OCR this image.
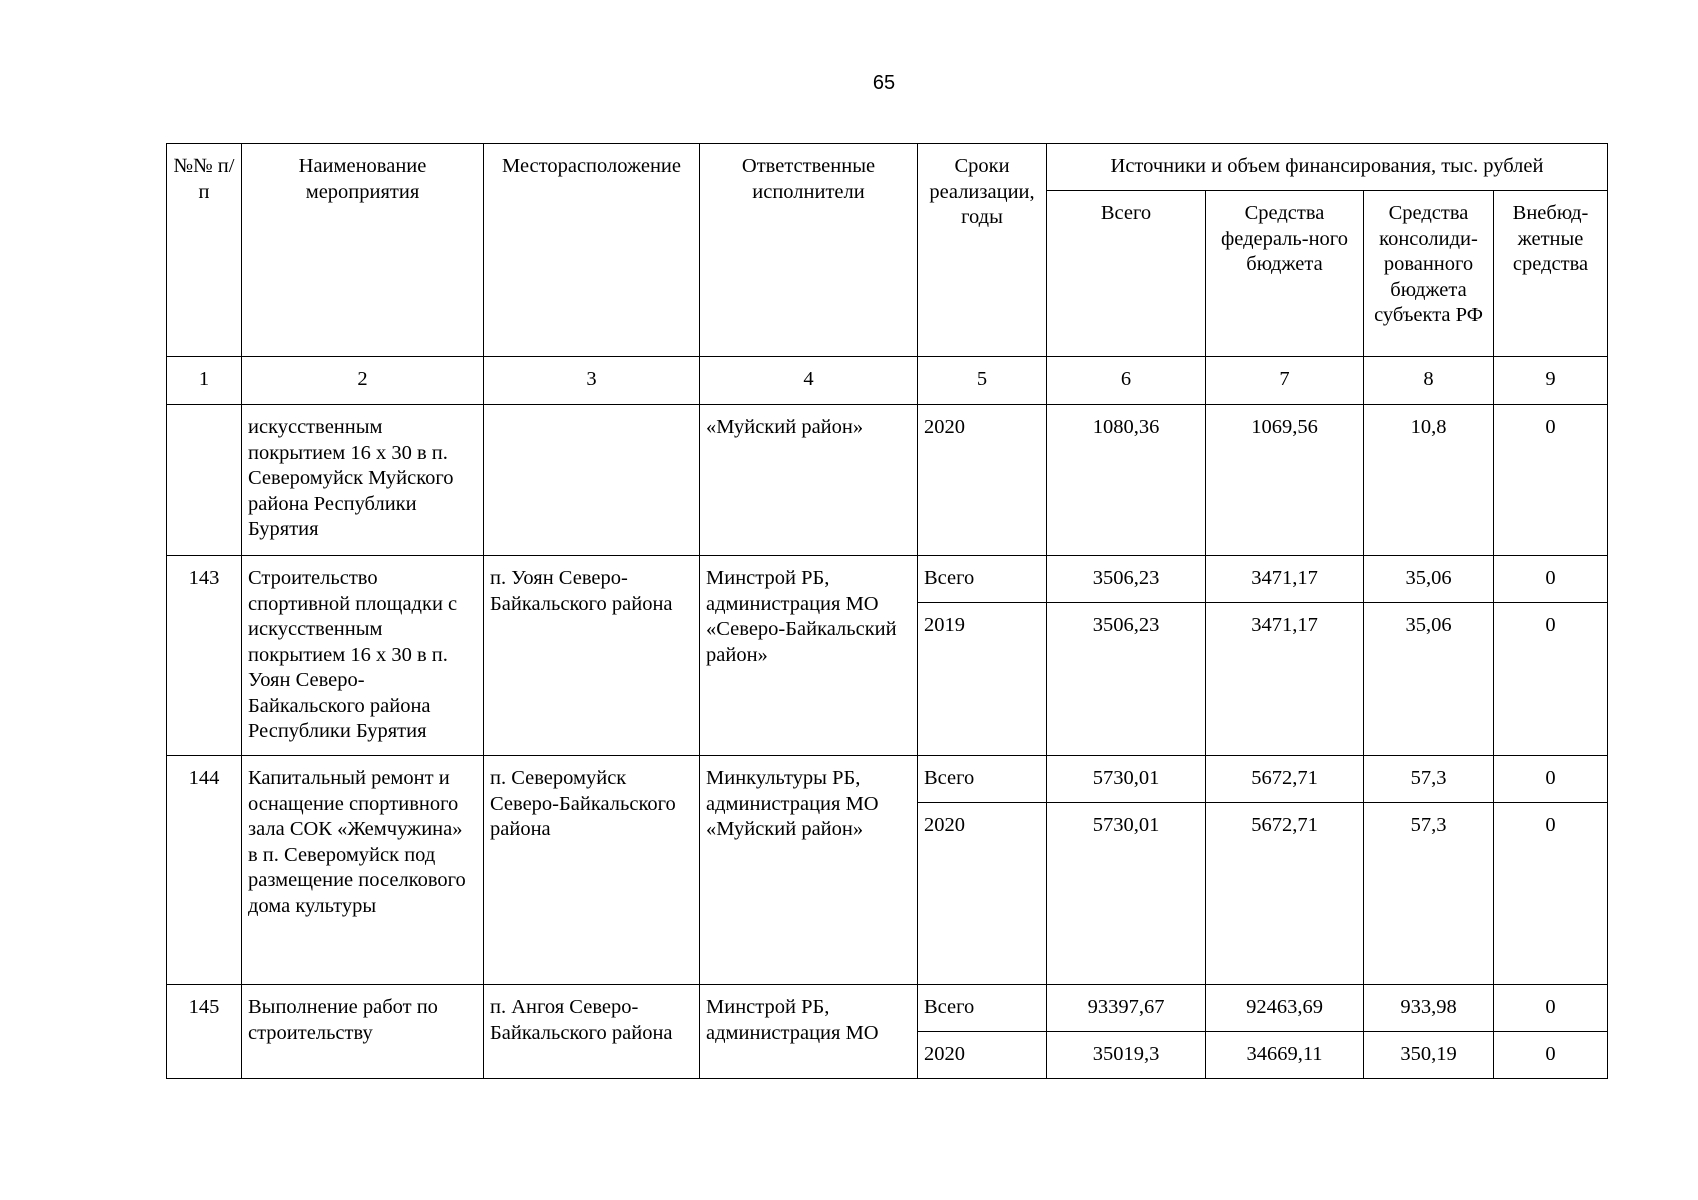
65
№№ п/п	Наименование мероприятия	Месторасположение	Ответственные исполнители	Сроки реализации, годы	Источники и объем финансирования, тыс. рублей			
					Всего	Средства федераль-ного бюджета	Средства консолиди-рованного бюджета субъекта РФ	Внебюд-жетные средства
1	2	3	4	5	6	7	8	9
	искусственным покрытием 16 х 30 в п. Северомуйск Муйского района Республики Бурятия		«Муйский район»	2020	1080,36	1069,56	10,8	0
143	Строительство спортивной площадки с искусственным покрытием 16 х 30 в п. Уоян Северо-Байкальского района Республики Бурятия	п. Уоян Северо-Байкальского района	Минстрой РБ, администрация МО «Северо-Байкальский район»	Всего	3506,23	3471,17	35,06	0
				2019	3506,23	3471,17	35,06	0
144	Капитальный ремонт и оснащение спортивного зала СОК «Жемчужина» в п. Северомуйск под размещение поселкового дома культуры	п. Северомуйск Северо-Байкальского района	Минкультуры РБ, администрация МО «Муйский район»	Всего	5730,01	5672,71	57,3	0
				2020	5730,01	5672,71	57,3	0
145	Выполнение работ по строительству	п. Ангоя Северо-Байкальского района	Минстрой РБ, администрация МО	Всего	93397,67	92463,69	933,98	0
				2020	35019,3	34669,11	350,19	0
